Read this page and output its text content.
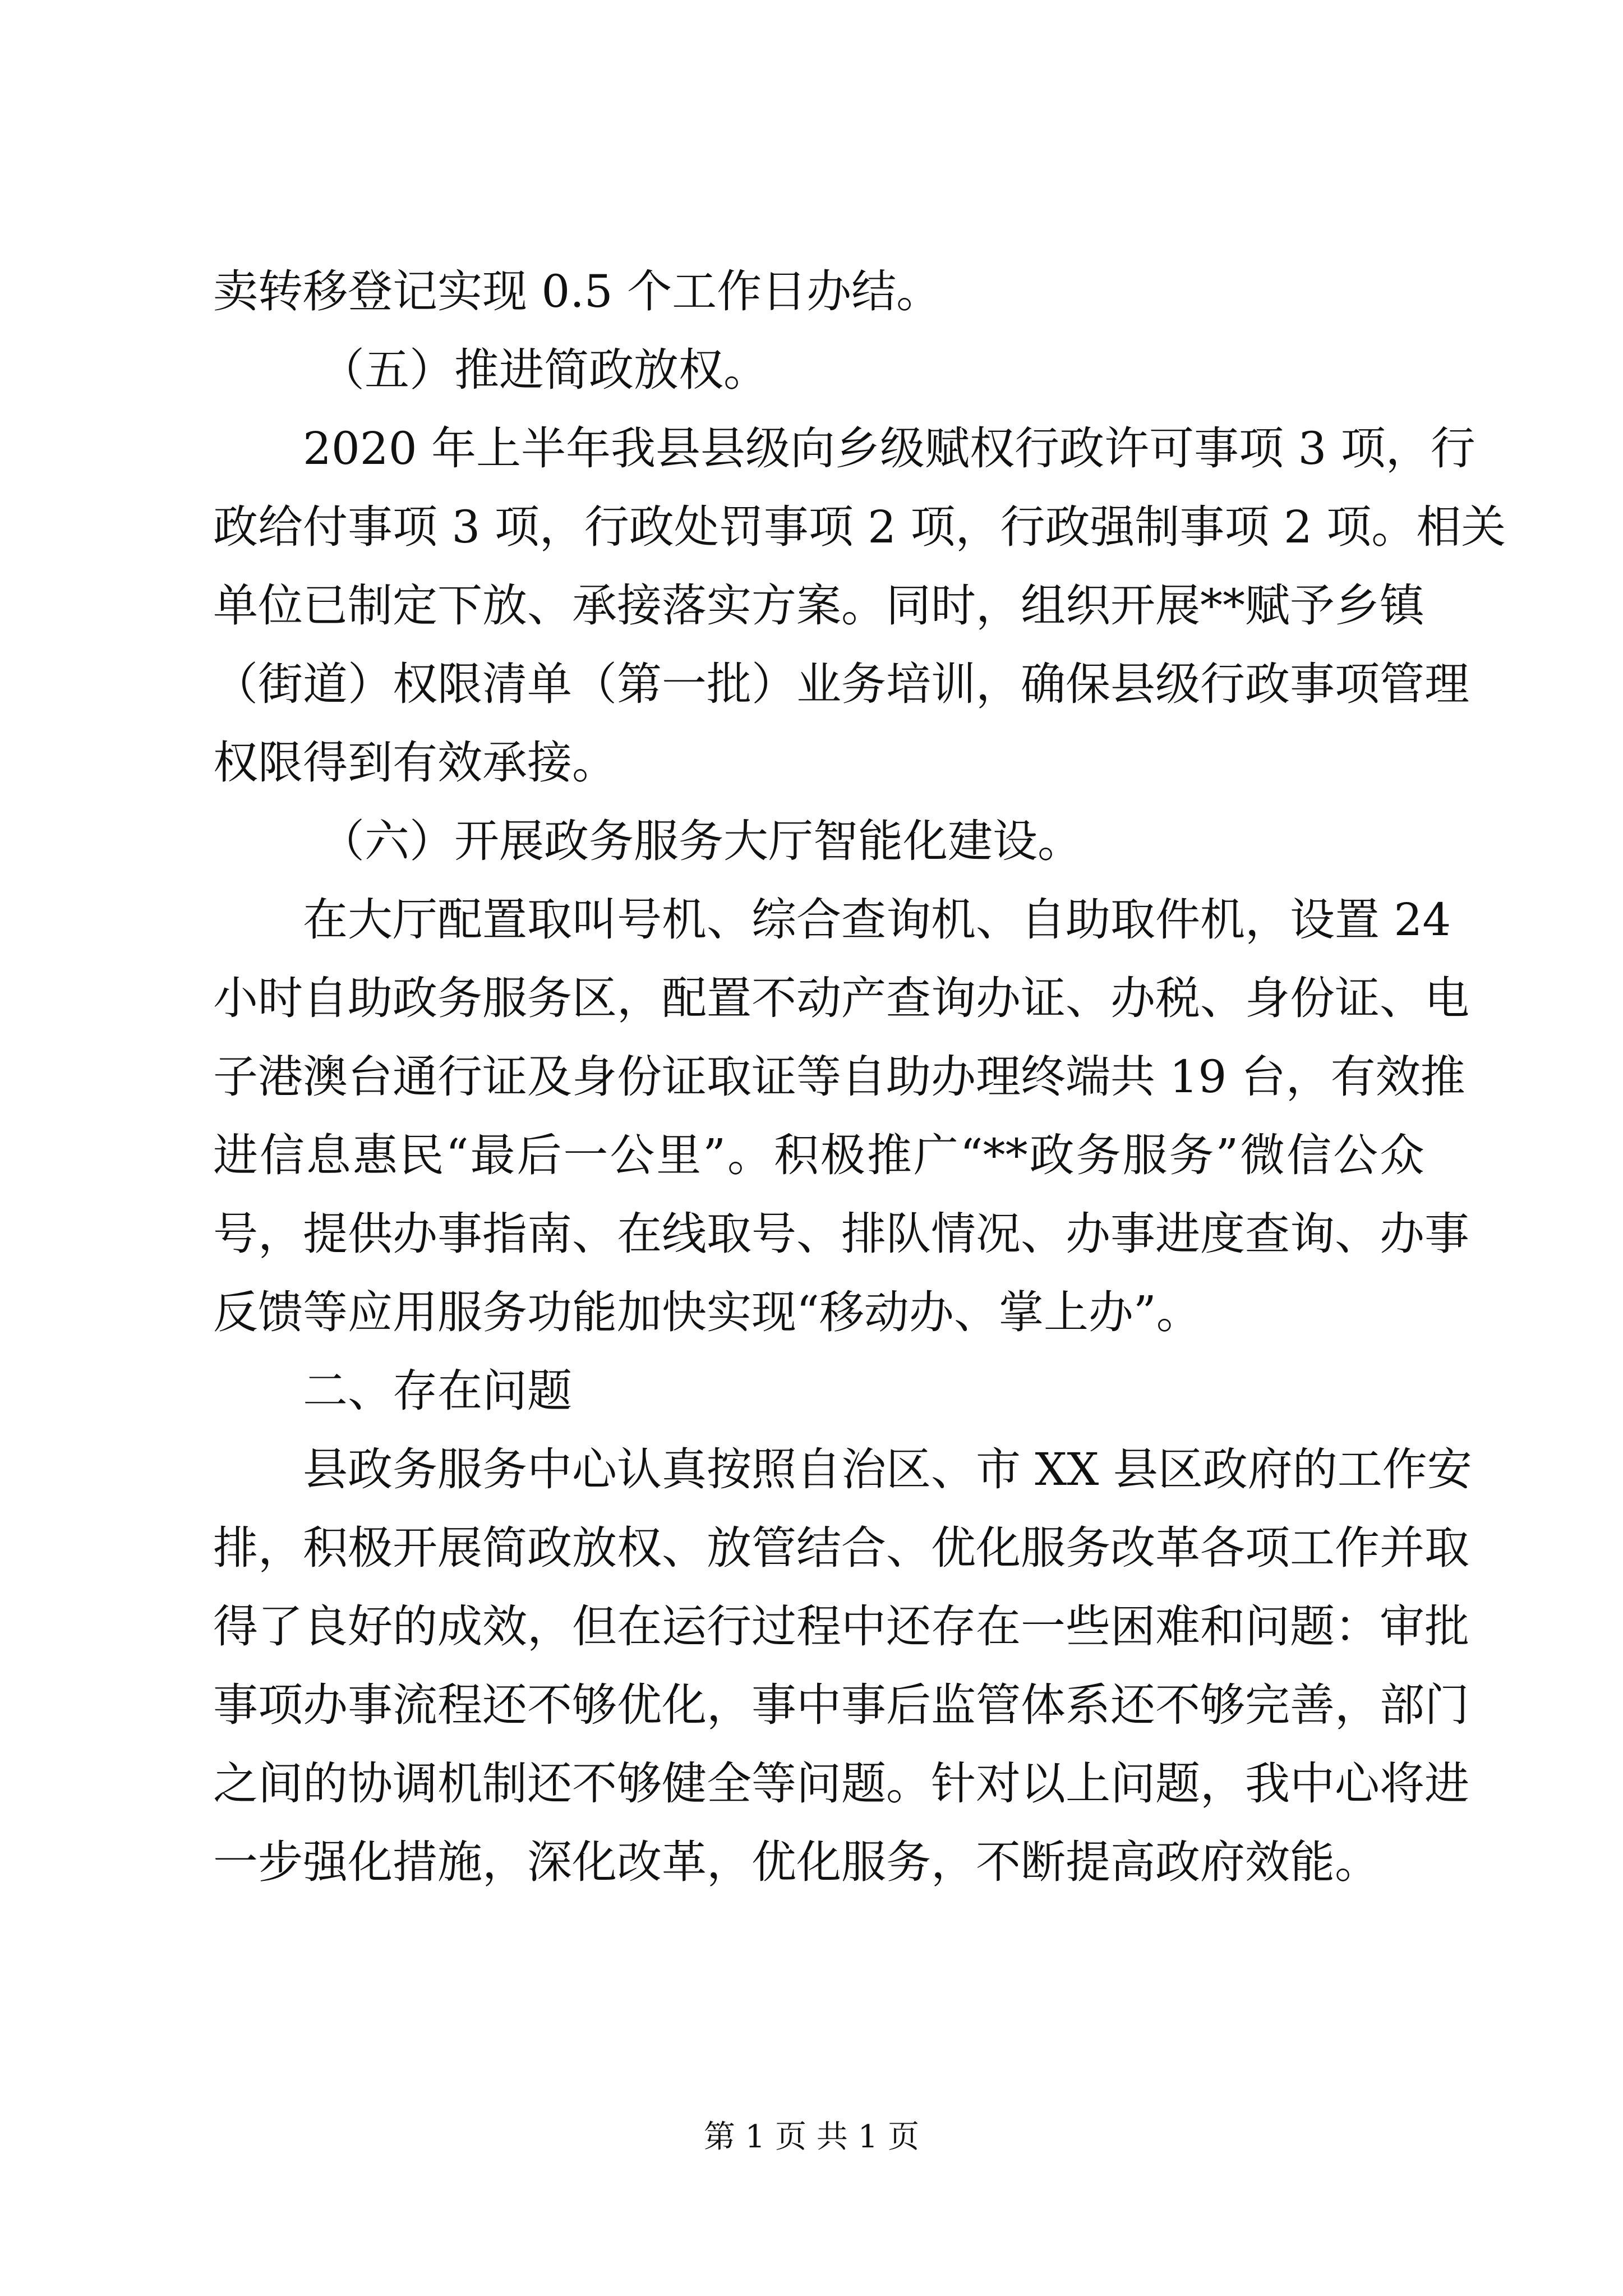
卖转移登记实现 0.5 个工作日办结。
（五）推进简政放权。
2020 年上半年我县县级向乡级赋权行政许可事项 3 项，行
政给付事项 3 项，行政处罚事项 2 项，行政强制事项 2 项。相关
单位已制定下放、承接落实方案。同时，组织开展**赋予乡镇
（街道）权限清单（第一批）业务培训，确保县级行政事项管理
权限得到有效承接。
（六）开展政务服务大厅智能化建设。
在大厅配置取叫号机、综合查询机、自助取件机，设置 24
小时自助政务服务区，配置不动产查询办证、办税、身份证、电
子港澳台通行证及身份证取证等自助办理终端共 19 台，有效推
进信息惠民“最后一公里”。积极推广“**政务服务”微信公众
号，提供办事指南、在线取号、排队情况、办事进度查询、办事
反馈等应用服务功能加快实现“移动办、掌上办”。
二、存在问题
县政务服务中心认真按照自治区、市 XX 县区政府的工作安
排，积极开展简政放权、放管结合、优化服务改革各项工作并取
得了良好的成效，但在运行过程中还存在一些困难和问题：审批
事项办事流程还不够优化，事中事后监管体系还不够完善，部门
之间的协调机制还不够健全等问题。针对以上问题，我中心将进
一步强化措施，深化改革，优化服务，不断提高政府效能。
第 1 页 共 1 页
